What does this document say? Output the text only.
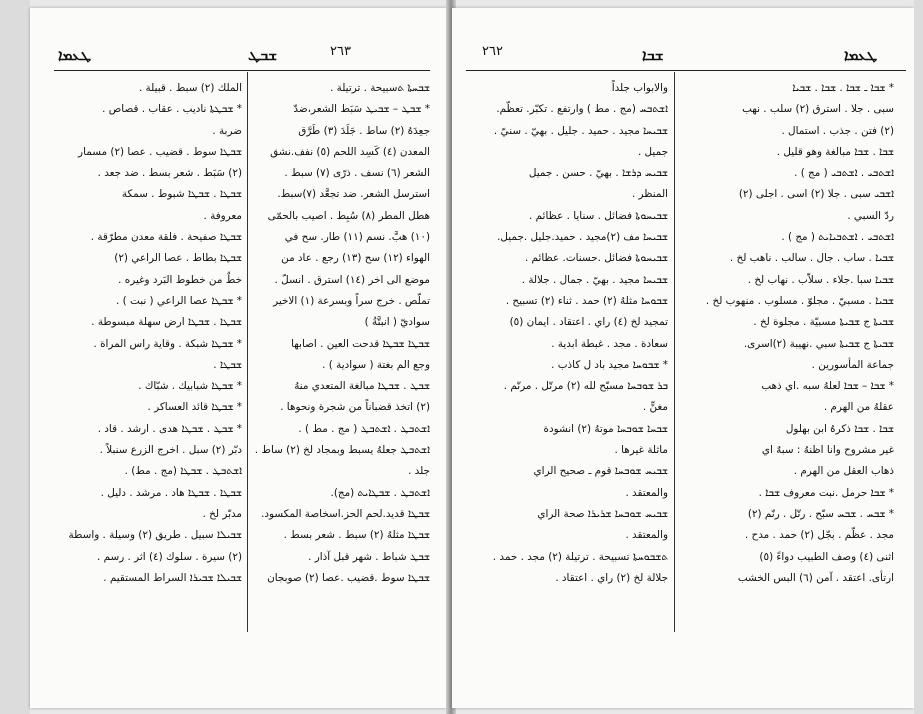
ܛܥܡܐ	ܫܒܛ	٢٦٣
ܫܒܚܬܐ ܬسبيحة . ترتيلة .
* ܫܒܛ – ܫܒܝܛ سَبَط الشعر،ضدّ
جعِدَهُ (٢) ساط . جَلَدَ (٣) طَرَّق
المعدن (٤) كَسِد اللحم (٥) نفف.نشق
الشعر (٦) نسف . ذرّى (٧) سبط .
استرسل الشعر. ضد تجعَّد (٧)سبط.
هطل المطر (٨) سُبِط . اصيب بالحمّى
(١٠) هبَّ. نسم (١١) طار. سح في
الهواء (١٢) سح (١٣) رجع . عاد من
موضع الى اخر (١٤) استرق . انسلّ .
تملّص . خرج سراً وبسرعة (١) الاخير
سواديّ ( انبتَّةُ )
ܫܒܛܐ ܫܒܛܐ قدحت العين . اصابها
وجع الم بغتة ( سوادية ) .
ܫܒܛ . ܫܒܛܐ مبالغة المتعدي منهُ
(٢) اتخذ قضباناً من شجرة ونحوها .
ܐܫܬܒܛ . ܐܫܬܒܛ ( مج . مط ) .
ܐܫܬܒܛ جعلهُ يسبط وبمجاد لخ (٢) ساط .
جلد .
ܐܫܬܒܛ . ܫܒܛܐܝܬ (مج).
ܫܒܛܐ قديد.لحم الحز.اسخاصة المكسود.
ܫܒܛܐ مثلهُ (٢) سبط . شعر بسط .
ܫܒܛ شباط . شهر قبل آذار .
ܫܒܛܐ سوط .قضيب .عصا (٢) صوبجان
الملك (٢) سبط . قبيلة .
* ܫܒܛܬܐ ناديب . عقاب . قصاص .
ضربة .
ܫܒܛܐ سوط . قضيب . عصا (٢) مسمار
(٢) سَبَط . شعر بسط . ضد جعد .
ܫܒܛܐ . ܫܒܛܐ شبوط . سمكة
معروفة .
ܫܒܛܐ صفيحة . فلقة معدن مطرّقة .
ܫܒܛܐ بطاط . عصا الراعي (٢)
خطٌ من خطوط البَرد وغيره .
* ܫܒܛܐ عصا الراعي ( نبت ) .
ܫܒܛܐ . ܫܒܛܐ ارض سهلة مبسوطة .
* ܫܒܛܐ شبكة . وقاية راس المراة .
ܫܒܛܐ .
* ܫܒܛܐ شبابيك . شبّاك .
* ܫܒܛܐ قائد العساكر .
* ܫܒܛ . ܫܒܛܐ هدى . ارشد . قاد .
دبّر (٢) سبل . اخرج الزرع سنبلاً .
ܐܫܬܒܛ . ܫܒܛܐ (مج . مط) .
ܫܒܛܐ . ܫܒܛܐ هاد . مرشد . دليل .
مدبّر لخ .
ܫܒܝܠܐ سبيل . طريق (٢) وسيلة . واسطة
(٢) سيرة . سلوك (٤) اثر . رسم .
ܫܒܝܠܐ ܫܒܝܪܐ السراط المستقيم .
٢٦٢	ܫܒܐ	ܛܥܡܐ
* ܫܒܐ ـ ܫܒܐ . ܫܒܐ . ܫܒܝܐ
سبى . جلا . استرق (٢) سلب . نهب
(٢) فتن . جذب . استمال .
ܫܒܐ . ܫܒܐ مبالغة وهو قليل .
ܐܫܬܒܝ . ܐܫܬܒܝ ( مج ) .
ܐܫܒܝ سبى . جلا (٢) اسى . اجلى (٢)
ردّ السبي .
ܐܫܬܒܝ . ܐܫܬܒܝܐܝܬ ( مج ) .
ܫܒܝܐ . ساب . جال . سالب . ناهب لخ .
ܫܒܝܐ سبا .جلاء . سلاّب . نهاب لخ .
ܫܒܝܐ . مسبيّ . مجلوّ . مسلوب . منهوب لخ .
ܫܒܝܬܐ ج ܫܒܝܬܐ مسبيّة . مجلوة لخ .
ܫܒܝܬܐ ج ܫܒܝܬܐ سبي .نهيبة (٢)اسرى.
جماعة المأسورين .
* ܫܒܐ – ܫܒܐ لعلهُ سبه .اي ذهب
عقلهُ من الهرم .
ܫܒܐ . ܫܒܐ ذكرهُ ابن بهلول
غير مشروح وانا اظنهُ : سبهٌ اي
ذهاب العقل من الهرم .
* ܫܒܐ حرمل .نبت معروف ܫܒܐ .
* ܫܒܚ . ܫܒܚ سبّح . رتّل . رنّم (٢)
مجد . عظّم . بجّل (٢) حمد . مدح .
اثنى (٤) وصف الطبيب دواءً (٥)
ارتأى. اعتقد . آمن (٦) البس الخشب
والابواب جلداً
ܐܫܬܒܚ (مج . مط ) وارتفع . تكبّر. تعظّم.
ܫܒܝܚܐ مجيد . حميد . جليل . بهيّ . سنيّ .
جميل .
ܫܒܝܚ ܕܪܫܐ . بهيّ . حسن . جميل
المنظر .
ܫܒܝܚܘܬܐ فضائل . سنايا . عظائم .
ܫܒܝܚܐ مف (٢)مجيد . حميد.جليل .جميل.
ܫܒܝܚܘܬܐ فضائل .حسنات. عظائم .
ܫܒܝܚܐ مجيد . بهيّ . جمال . جلالة .
ܫܒܘܚܐ مثلهُ (٢) حمد . ثناء (٢) تسبيح .
تمجيد لخ (٤) راي . اعتقاد . ايمان (٥)
سعادة . مجد . غبطة ابدية .
* ܫܒܘܚܐ مجيد باد ل كاذب .
ܒܪ ܫܘܒܚܐ مسبّح لله (٢) مرتّل . مرنّم .
مغنٍّ .
ܫܒܚܐ ܫܘܒܚܐ موتهُ (٢) انشودة
ماثلة غيرها .
ܫܒܝܚ ܫܘܒܚܐ قوم ـ صحيح الراي
والمعتقد .
ܫܒܝܚ ܫܘܒܚܐ ܫܪܝܪܐ صحة الراي
والمعتقد .
ܬܫܒܘܚܬܐ تسبيحة . ترتيلة (٢) مجد . حمد .
جلالة لخ (٢) راي . اعتقاد .
